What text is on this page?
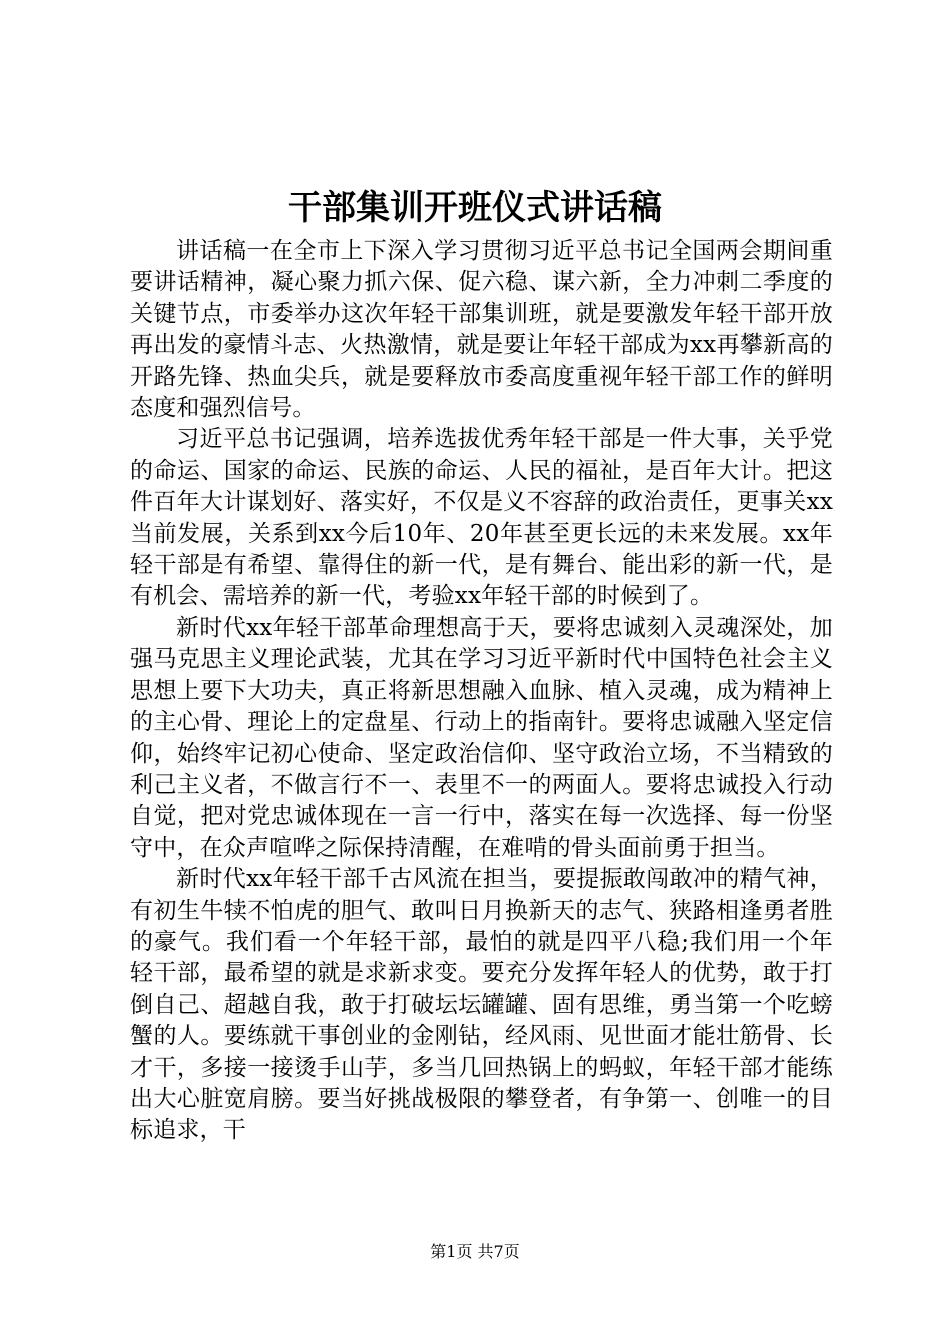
干部集训开班仪式讲话稿

讲话稿一在全市上下深入学习贯彻习近平总书记全国两会期间重要讲话精神，凝心聚力抓六保、促六稳、谋六新，全力冲刺二季度的关键节点，市委举办这次年轻干部集训班，就是要激发年轻干部开放再出发的豪情斗志、火热激情，就是要让年轻干部成为xx再攀新高的开路先锋、热血尖兵，就是要释放市委高度重视年轻干部工作的鲜明态度和强烈信号。

习近平总书记强调，培养选拔优秀年轻干部是一件大事，关乎党的命运、国家的命运、民族的命运、人民的福祉，是百年大计。把这件百年大计谋划好、落实好，不仅是义不容辞的政治责任，更事关xx当前发展，关系到xx今后10年、20年甚至更长远的未来发展。xx年轻干部是有希望、靠得住的新一代，是有舞台、能出彩的新一代，是有机会、需培养的新一代，考验xx年轻干部的时候到了。

新时代xx年轻干部革命理想高于天，要将忠诚刻入灵魂深处，加强马克思主义理论武装，尤其在学习习近平新时代中国特色社会主义思想上要下大功夫，真正将新思想融入血脉、植入灵魂，成为精神上的主心骨、理论上的定盘星、行动上的指南针。要将忠诚融入坚定信仰，始终牢记初心使命、坚定政治信仰、坚守政治立场，不当精致的利己主义者，不做言行不一、表里不一的两面人。要将忠诚投入行动自觉，把对党忠诚体现在一言一行中，落实在每一次选择、每一份坚守中，在众声喧哗之际保持清醒，在难啃的骨头面前勇于担当。

新时代xx年轻干部千古风流在担当，要提振敢闯敢冲的精气神，有初生牛犊不怕虎的胆气、敢叫日月换新天的志气、狭路相逢勇者胜的豪气。我们看一个年轻干部，最怕的就是四平八稳;我们用一个年轻干部，最希望的就是求新求变。要充分发挥年轻人的优势，敢于打倒自己、超越自我，敢于打破坛坛罐罐、固有思维，勇当第一个吃螃蟹的人。要练就干事创业的金刚钻，经风雨、见世面才能壮筋骨、长才干，多接一接烫手山芋，多当几回热锅上的蚂蚁，年轻干部才能练出大心脏宽肩膀。要当好挑战极限的攀登者，有争第一、创唯一的目标追求，干

第1页 共7页
